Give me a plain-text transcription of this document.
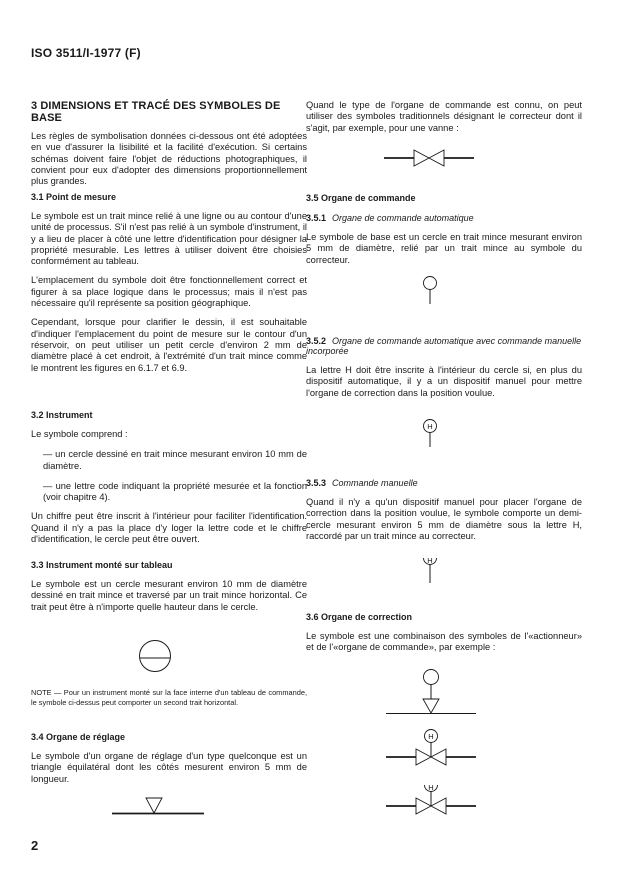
ISO 3511/I-1977 (F)
3 DIMENSIONS ET TRACÉ DES SYMBOLES DE BASE

Les règles de symbolisation données ci-dessous ont été adoptées en vue d'assurer la lisibilité et la facilité d'exécution. Si certains schémas doivent faire l'objet de réductions photographiques, il convient pour eux d'adopter des dimensions proportionnellement plus grandes.

3.1 Point de mesure

Le symbole est un trait mince relié à une ligne ou au contour d'une unité de processus. S'il n'est pas relié à un symbole d'instrument, il y a lieu de placer à côté une lettre d'identification pour désigner la propriété mesurable. Les lettres à utiliser doivent être choisies conformément au tableau.

L'emplacement du symbole doit être fonctionnellement correct et figurer à sa place logique dans le processus; mais il n'est pas nécessaire qu'il représente sa position géographique.

Cependant, lorsque pour clarifier le dessin, il est souhaitable d'indiquer l'emplacement du point de mesure sur le contour d'un réservoir, on peut utiliser un petit cercle d'environ 2 mm de diamètre placé à cet endroit, à l'extrémité d'un trait mince comme le montrent les figures en 6.1.7 et 6.9.

3.2 Instrument

Le symbole comprend :

— un cercle dessiné en trait mince mesurant environ 10 mm de diamètre.

— une lettre code indiquant la propriété mesurée et la fonction (voir chapitre 4).

Un chiffre peut être inscrit à l'intérieur pour faciliter l'identification. Quand il n'y a pas la place d'y loger la lettre code et le chiffre d'identification, le cercle peut être ouvert.

3.3 Instrument monté sur tableau

Le symbole est un cercle mesurant environ 10 mm de diamètre dessiné en trait mince et traversé par un trait mince horizontal. Ce trait peut être à n'importe quelle hauteur dans le cercle.

NOTE — Pour un instrument monté sur la face interne d'un tableau de commande, le symbole ci-dessus peut comporter un second trait horizontal.

3.4 Organe de réglage

Le symbole d'un organe de réglage d'un type quelconque est un triangle équilatéral dont les côtés mesurent environ 5 mm de longueur.

2

Quand le type de l'organe de commande est connu, on peut utiliser des symboles traditionnels désignant le correcteur dont il s'agit, par exemple, pour une vanne :

3.5 Organe de commande
3.5.1 Organe de commande automatique

Le symbole de base est un cercle en trait mince mesurant environ 5 mm de diamètre, relié par un trait mince au symbole du correcteur.

3.5.2 Organe de commande automatique avec commande manuelle incorporée

La lettre H doit être inscrite à l'intérieur du cercle si, en plus du dispositif automatique, il y a un dispositif manuel pour mettre l'organe de correction dans la position voulue.

H
3.5.3 Commande manuelle

Quand il n'y a qu'un dispositif manuel pour placer l'organe de correction dans la position voulue, le symbole comporte un demi-cercle mesurant environ 5 mm de diamètre sous la lettre H, raccordé par un trait mince au correcteur.

H
3.6 Organe de correction

Le symbole est une combinaison des symboles de l'«actionneur» et de l'«organe de commande», par exemple :

H
H
